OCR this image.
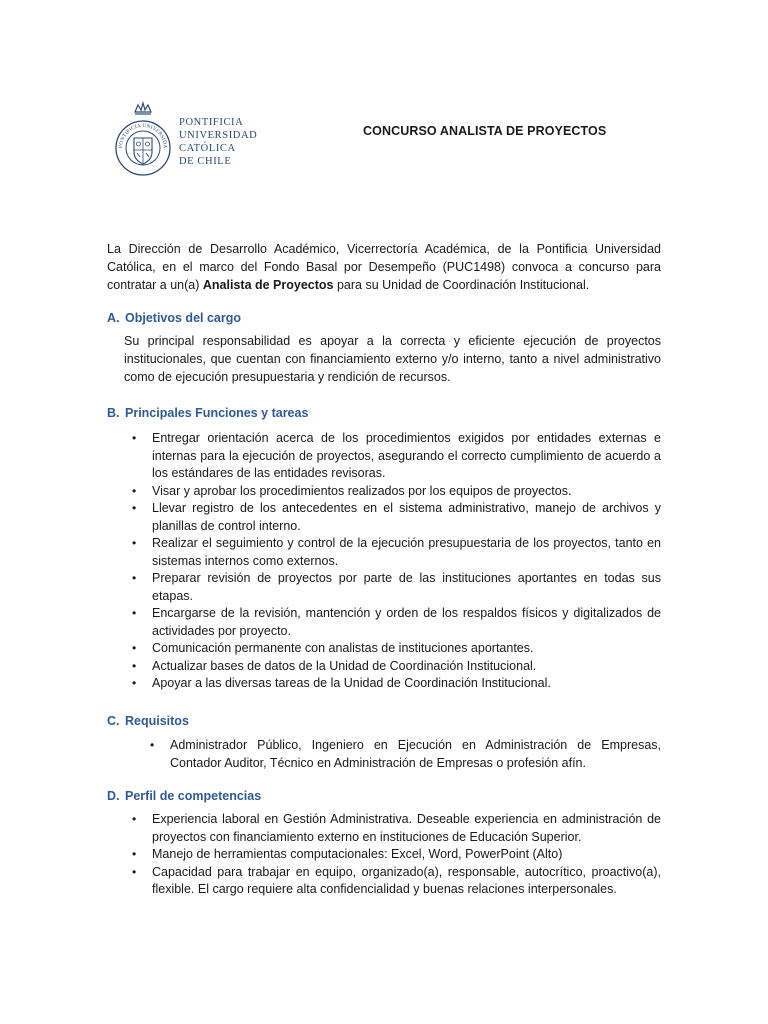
PONTIFICIA UNIVERSIDA
PONTIFICIA
UNIVERSIDAD
CATÓLICA
DE CHILE
CONCURSO ANALISTA DE PROYECTOS
La Dirección de Desarrollo Académico, Vicerrectoría Académica, de la Pontificia Universidad Católica, en el marco del Fondo Basal por Desempeño (PUC1498) convoca a concurso para contratar a un(a) Analista de Proyectos para su Unidad de Coordinación Institucional.
A. Objetivos del cargo
Su principal responsabilidad es apoyar a la correcta y eficiente ejecución de proyectos institucionales, que cuentan con financiamiento externo y/o interno, tanto a nivel administrativo como de ejecución presupuestaria y rendición de recursos.
B. Principales Funciones y tareas
• Entregar orientación acerca de los procedimientos exigidos por entidades externas e internas para la ejecución de proyectos, asegurando el correcto cumplimiento de acuerdo a los estándares de las entidades revisoras.
• Visar y aprobar los procedimientos realizados por los equipos de proyectos.
• Llevar registro de los antecedentes en el sistema administrativo, manejo de archivos y planillas de control interno.
• Realizar el seguimiento y control de la ejecución presupuestaria de los proyectos, tanto en sistemas internos como externos.
• Preparar revisión de proyectos por parte de las instituciones aportantes en todas sus etapas.
• Encargarse de la revisión, mantención y orden de los respaldos físicos y digitalizados de actividades por proyecto.
• Comunicación permanente con analistas de instituciones aportantes.
• Actualizar bases de datos de la Unidad de Coordinación Institucional.
• Apoyar a las diversas tareas de la Unidad de Coordinación Institucional.
C. Requisitos
• Administrador Público, Ingeniero en Ejecución en Administración de Empresas, Contador Auditor, Técnico en Administración de Empresas o profesión afín.
D. Perfil de competencias
• Experiencia laboral en Gestión Administrativa. Deseable experiencia en administración de proyectos con financiamiento externo en instituciones de Educación Superior.
• Manejo de herramientas computacionales: Excel, Word, PowerPoint (Alto)
• Capacidad para trabajar en equipo, organizado(a), responsable, autocrítico, proactivo(a), flexible. El cargo requiere alta confidencialidad y buenas relaciones interpersonales.
